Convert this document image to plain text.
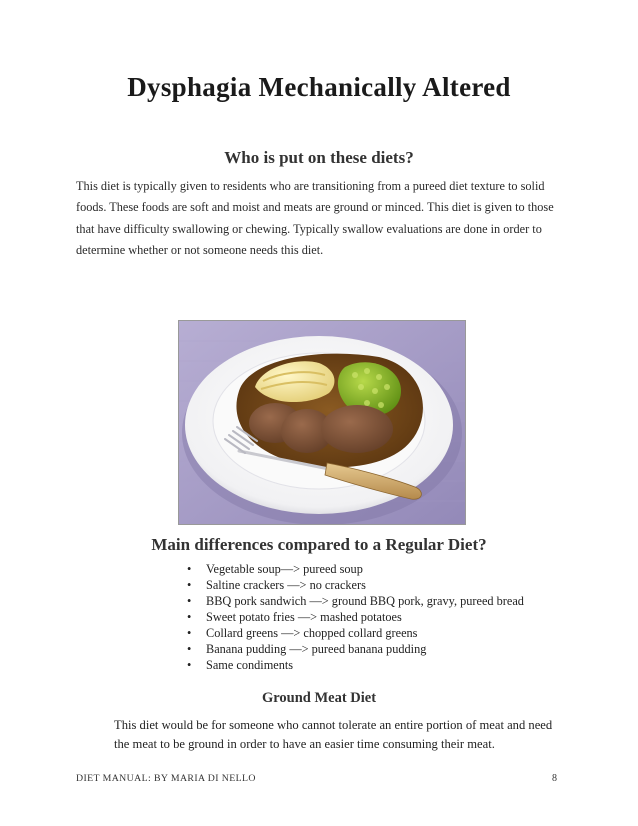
Dysphagia Mechanically Altered
Who is put on these diets?

This diet is typically given to residents who are transitioning from a pureed diet texture to solid foods. These foods are soft and moist and meats are ground or minced. This diet is given to those that have difficulty swallowing or chewing. Typically swallow evaluations are done in order to determine whether or not someone needs this diet.

Main differences compared to a Regular Diet?
• Vegetable soup—> pureed soup
• Saltine crackers —> no crackers
• BBQ pork sandwich —> ground BBQ pork, gravy, pureed bread
• Sweet potato fries —> mashed potatoes
• Collard greens —> chopped collard greens
• Banana pudding —> pureed banana pudding
• Same condiments
Ground Meat Diet

This diet would be for someone who cannot tolerate an entire portion of meat and need the meat to be ground in order to have an easier time consuming their meat.

DIET MANUAL: BY MARIA DI NELLO	8
